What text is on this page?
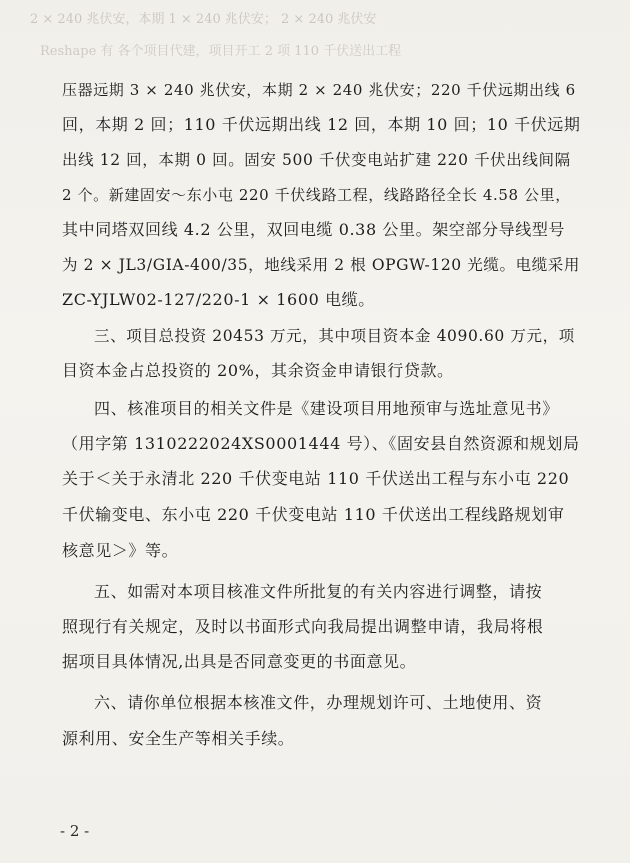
2 × 240 兆伏安，本期 1 × 240 兆伏安； 2 × 240 兆伏安
Reshape 有 各个项目代建，项目开工 2 项 110 千伏送出工程
压器远期 3 × 240 兆伏安，本期 2 × 240 兆伏安；220 千伏远期出线 6
回，本期 2 回；110 千伏远期出线 12 回，本期 10 回；10 千伏远期
出线 12 回，本期 0 回。固安 500 千伏变电站扩建 220 千伏出线间隔
2 个。新建固安～东小屯 220 千伏线路工程，线路路径全长 4.58 公里，
其中同塔双回线 4.2 公里，双回电缆 0.38 公里。架空部分导线型号
为 2 × JL3/GIA-400/35，地线采用 2 根 OPGW-120 光缆。电缆采用
ZC-YJLW02-127/220-1 × 1600 电缆。
三、项目总投资 20453 万元，其中项目资本金 4090.60 万元，项
目资本金占总投资的 20%，其余资金申请银行贷款。
四、核准项目的相关文件是《建设项目用地预审与选址意见书》
（用字第 1310222024XS0001444 号）、《固安县自然资源和规划局
关于＜关于永清北 220 千伏变电站 110 千伏送出工程与东小屯 220
千伏输变电、东小屯 220 千伏变电站 110 千伏送出工程线路规划审
核意见＞》等。
五、如需对本项目核准文件所批复的有关内容进行调整，请按
照现行有关规定，及时以书面形式向我局提出调整申请，我局将根
据项目具体情况,出具是否同意变更的书面意见。
六、请你单位根据本核准文件，办理规划许可、土地使用、资
源利用、安全生产等相关手续。
- 2 -
